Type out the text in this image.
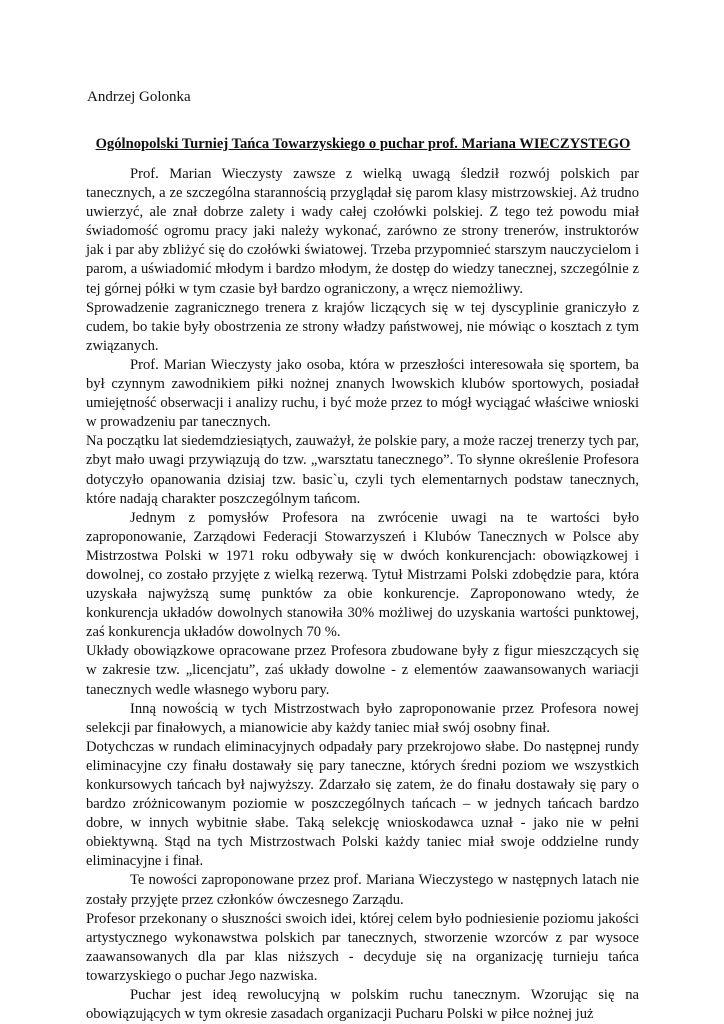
Andrzej Golonka
Ogólnopolski Turniej Tańca Towarzyskiego o puchar prof. Mariana WIECZYSTEGO

Prof. Marian Wieczysty zawsze z wielką uwagą śledził rozwój polskich par tanecznych, a ze szczególna starannością przyglądał się parom klasy mistrzowskiej. Aż trudno uwierzyć, ale znał dobrze zalety i wady całej czołówki polskiej. Z tego też powodu miał świadomość ogromu pracy jaki należy wykonać, zarówno ze strony trenerów, instruktorów jak i par aby zbliżyć się do czołówki światowej. Trzeba przypomnieć starszym nauczycielom i parom, a uświadomić młodym i bardzo młodym, że dostęp do wiedzy tanecznej, szczególnie z tej górnej półki w tym czasie był bardzo ograniczony, a wręcz niemożliwy.

Sprowadzenie zagranicznego trenera z krajów liczących się w tej dyscyplinie graniczyło z cudem, bo takie były obostrzenia ze strony władzy państwowej, nie mówiąc o kosztach z tym związanych.

Prof. Marian Wieczysty jako osoba, która w przeszłości interesowała się sportem, ba był czynnym zawodnikiem piłki nożnej znanych lwowskich klubów sportowych, posiadał umiejętność obserwacji i analizy ruchu, i być może przez to mógł wyciągać właściwe wnioski w prowadzeniu par tanecznych.

Na początku lat siedemdziesiątych, zauważył, że polskie pary, a może raczej trenerzy tych par, zbyt mało uwagi przywiązują do tzw. „warsztatu tanecznego”. To słynne określenie Profesora dotyczyło opanowania dzisiaj tzw. basic`u, czyli tych elementarnych podstaw tanecznych, które nadają charakter poszczególnym tańcom.

Jednym z pomysłów Profesora na zwrócenie uwagi na te wartości było zaproponowanie, Zarządowi Federacji Stowarzyszeń i Klubów Tanecznych w Polsce aby Mistrzostwa Polski w 1971 roku odbywały się w dwóch konkurencjach: obowiązkowej i dowolnej, co zostało przyjęte z wielką rezerwą. Tytuł Mistrzami Polski zdobędzie para, która uzyskała najwyższą sumę punktów za obie konkurencje. Zaproponowano wtedy, że konkurencja układów dowolnych stanowiła 30% możliwej do uzyskania wartości punktowej, zaś konkurencja układów dowolnych 70 %.

Układy obowiązkowe opracowane przez Profesora zbudowane były z figur mieszczących się w zakresie tzw. „licencjatu”, zaś układy dowolne - z elementów zaawansowanych wariacji tanecznych wedle własnego wyboru pary.

Inną nowością w tych Mistrzostwach było zaproponowanie przez Profesora nowej selekcji par finałowych, a mianowicie aby każdy taniec miał swój osobny finał.

Dotychczas w rundach eliminacyjnych odpadały pary przekrojowo słabe. Do następnej rundy eliminacyjne czy finału dostawały się pary taneczne, których średni poziom we wszystkich konkursowych tańcach był najwyższy. Zdarzało się zatem, że do finału dostawały się pary o bardzo zróżnicowanym poziomie w poszczególnych tańcach – w jednych tańcach bardzo dobre, w innych wybitnie słabe. Taką selekcję wnioskodawca uznał - jako nie w pełni obiektywną. Stąd na tych Mistrzostwach Polski każdy taniec miał swoje oddzielne rundy eliminacyjne i finał.

Te nowości zaproponowane przez prof. Mariana Wieczystego w następnych latach nie zostały przyjęte przez członków ówczesnego Zarządu.

Profesor przekonany o słuszności swoich idei, której celem było podniesienie poziomu jakości artystycznego wykonawstwa polskich par tanecznych, stworzenie wzorców z par wysoce zaawansowanych dla par klas niższych - decyduje się na organizację turnieju tańca towarzyskiego o puchar Jego nazwiska.

Puchar jest ideą rewolucyjną w polskim ruchu tanecznym. Wzorując się na obowiązujących w tym okresie zasadach organizacji Pucharu Polski w piłce nożnej już
